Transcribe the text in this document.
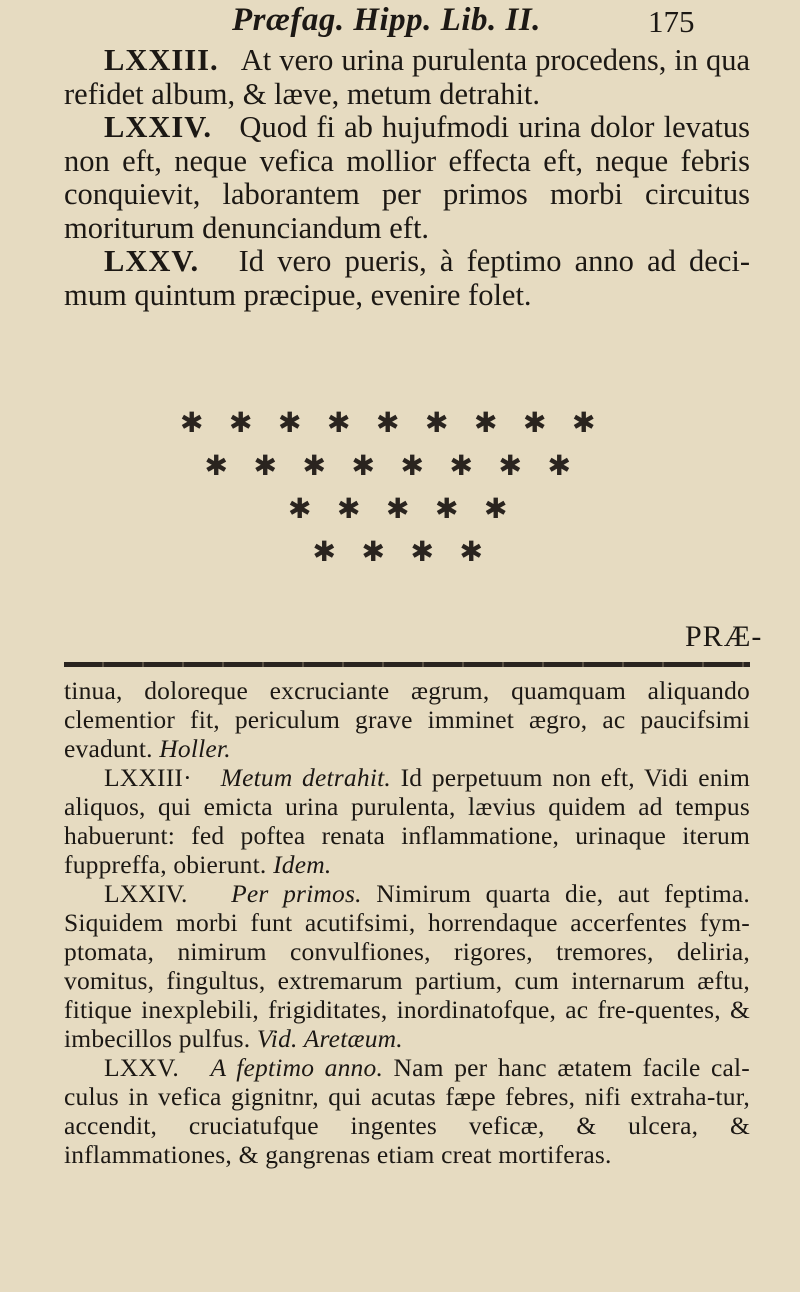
Præfag. Hipp. Lib. II.	175

LXXIII. At vero urina purulenta procedens, in qua refidet album, & læve, metum detrahit.

LXXIV. Quod fi ab hujufmodi urina dolor levatus non eft, neque vefica mollior effecta eft, neque febris conquievit, laborantem per primos morbi circuitus moriturum denunciandum eft.

LXXV. Id vero pueris, à feptimo anno ad deci-mum quintum præcipue, evenire folet.

✱ ✱ ✱ ✱ ✱ ✱ ✱ ✱ ✱
✱ ✱ ✱ ✱ ✱ ✱ ✱ ✱
✱ ✱ ✱ ✱ ✱
✱ ✱ ✱ ✱
PRÆ-

tinua, doloreque excruciante ægrum, quamquam aliquando clementior fit, periculum grave imminet ægro, ac paucifsimi evadunt. Holler.

LXXIII· Metum detrahit. Id perpetuum non eft, Vidi enim aliquos, qui emicta urina purulenta, lævius quidem ad tempus habuerunt: fed poftea renata inflammatione, urinaque iterum fuppreffa, obierunt. Idem.

LXXIV. Per primos. Nimirum quarta die, aut feptima. Siquidem morbi funt acutifsimi, horrendaque accerfentes fym-ptomata, nimirum convulfiones, rigores, tremores, deliria, vomitus, fingultus, extremarum partium, cum internarum æftu, fitique inexplebili, frigiditates, inordinatofque, ac fre-quentes, & imbecillos pulfus. Vid. Aretæum.

LXXV. A feptimo anno. Nam per hanc ætatem facile cal-culus in vefica gignitnr, qui acutas fæpe febres, nifi extraha-tur, accendit, cruciatufque ingentes veficæ, & ulcera, & inflammationes, & gangrenas etiam creat mortiferas.
